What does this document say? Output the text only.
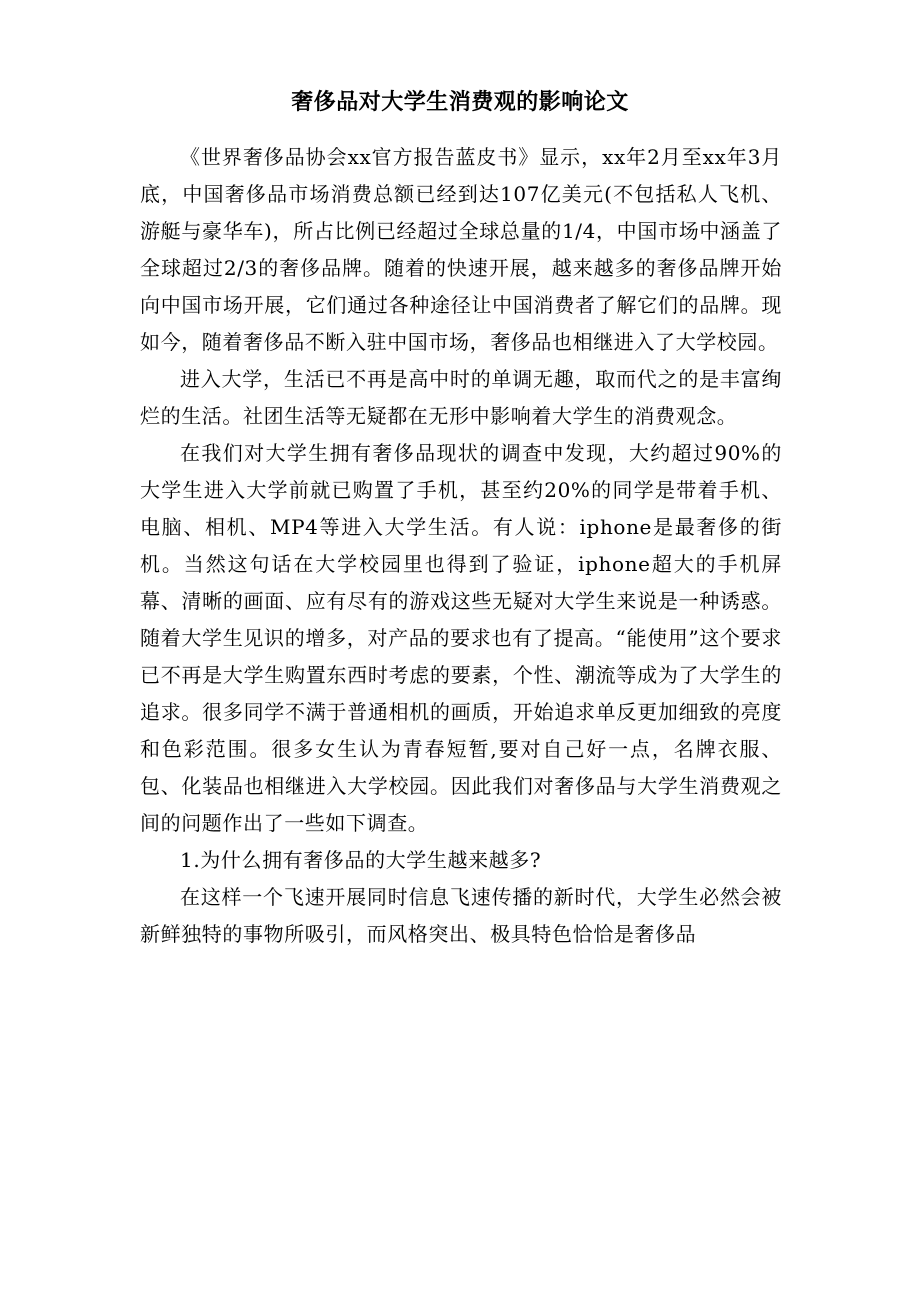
奢侈品对大学生消费观的影响论文

《世界奢侈品协会xx官方报告蓝皮书》显示，xx年2月至xx年3月底，中国奢侈品市场消费总额已经到达107亿美元(不包括私人飞机、游艇与豪华车)，所占比例已经超过全球总量的1/4，中国市场中涵盖了全球超过2/3的奢侈品牌。随着的快速开展，越来越多的奢侈品牌开始向中国市场开展，它们通过各种途径让中国消费者了解它们的品牌。现如今，随着奢侈品不断入驻中国市场，奢侈品也相继进入了大学校园。

进入大学，生活已不再是高中时的单调无趣，取而代之的是丰富绚烂的生活。社团生活等无疑都在无形中影响着大学生的消费观念。

在我们对大学生拥有奢侈品现状的调查中发现，大约超过90%的大学生进入大学前就已购置了手机，甚至约20%的同学是带着手机、电脑、相机、MP4等进入大学生活。有人说：iphone是最奢侈的街机。当然这句话在大学校园里也得到了验证，iphone超大的手机屏幕、清晰的画面、应有尽有的游戏这些无疑对大学生来说是一种诱惑。随着大学生见识的增多，对产品的要求也有了提高。“能使用”这个要求已不再是大学生购置东西时考虑的要素，个性、潮流等成为了大学生的追求。很多同学不满于普通相机的画质，开始追求单反更加细致的亮度和色彩范围。很多女生认为青春短暂,要对自己好一点，名牌衣服、包、化装品也相继进入大学校园。因此我们对奢侈品与大学生消费观之间的问题作出了一些如下调查。

1.为什么拥有奢侈品的大学生越来越多?

在这样一个飞速开展同时信息飞速传播的新时代，大学生必然会被新鲜独特的事物所吸引，而风格突出、极具特色恰恰是奢侈品
